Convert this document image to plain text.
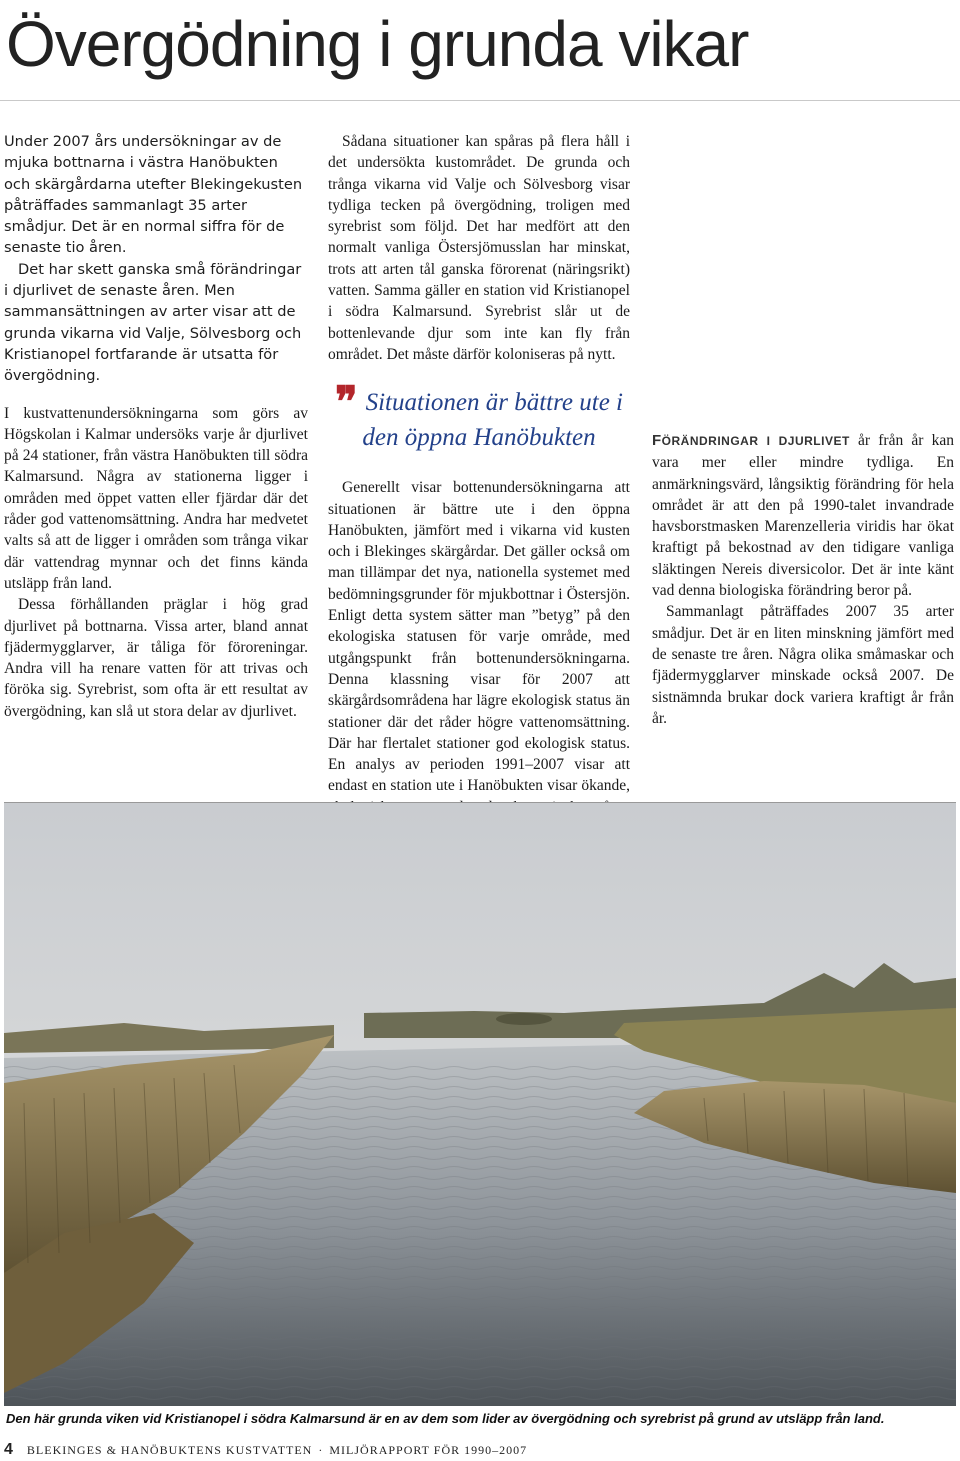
Övergödning i grunda vikar

Under 2007 års undersökningar av de mjuka bottnarna i västra Hanöbukten och skärgårdarna utefter Blekingekusten påträffades sammanlagt 35 arter smådjur. Det är en normal siffra för de senaste tio åren.

Det har skett ganska små förändringar i djurlivet de senaste åren. Men sammansättningen av arter visar att de grunda vikarna vid Valje, Sölvesborg och Kristianopel fortfarande är utsatta för övergödning.

I kustvattenundersökningarna som görs av Högskolan i Kalmar undersöks varje år djurlivet på 24 stationer, från västra Hanöbukten till södra Kalmarsund. Några av stationerna ligger i områden med öppet vatten eller fjärdar där det råder god vattenomsättning. Andra har medvetet valts så att de ligger i områden som trånga vikar där vattendrag mynnar och det finns kända utsläpp från land.

Dessa förhållanden präglar i hög grad djurlivet på bottnarna. Vissa arter, bland annat fjädermygglarver, är tåliga för föroreningar. Andra vill ha renare vatten för att trivas och föröka sig. Syrebrist, som ofta är ett resultat av övergödning, kan slå ut stora delar av djurlivet.

Sådana situationer kan spåras på flera håll i det undersökta kustområdet. De grunda och trånga vikarna vid Valje och Sölvesborg visar tydliga tecken på övergödning, troligen med syrebrist som följd. Det har medfört att den normalt vanliga Östersjömusslan har minskat, trots att arten tål ganska förorenat (näringsrikt) vatten. Samma gäller en station vid Kristianopel i södra Kalmarsund. Syrebrist slår ut de bottenlevande djur som inte kan fly från området. Det måste därför koloniseras på nytt.

❞ Situationen är bättre ute i den öppna Hanöbukten

Generellt visar bottenundersökningarna att situationen är bättre ute i den öppna Hanöbukten, jämfört med i vikarna vid kusten och i Blekinges skärgårdar. Det gäller också om man tillämpar det nya, nationella systemet med bedömningsgrunder för mjukbottnar i Östersjön. Enligt detta system sätter man ”betyg” på den ekologiska statusen för varje område, med utgångspunkt från bottenundersökningarna. Denna klassning visar för 2007 att skärgårdsområdena har lägre ekologisk status än stationer där det råder högre vattenomsättning. Där har flertalet stationer god ekologisk status. En analys av perioden 1991–2007 visar att endast en station ute i Hanöbukten visar ökande,

FÖRÄNDRINGAR I DJURLIVET år från år kan vara mer eller mindre tydliga. En anmärkningsvärd, långsiktig förändring för hela området är att den på 1990-talet invandrade havsborstmasken Marenzelleria viridis har ökat kraftigt på bekostnad av den tidigare vanliga släktingen Nereis diversicolor. Det är inte känt vad denna biologiska förändring beror på.

Sammanlagt påträffades 2007 35 arter smådjur. Det är en liten minskning jämfört med de senaste tre åren. Några olika småmaskar och fjädermygglarver minskade också 2007. De sistnämnda brukar dock variera kraftigt år från år.

Den här grunda viken vid Kristianopel i södra Kalmarsund är en av dem som lider av övergödning och syrebrist på grund av utsläpp från land.
4 BLEKINGES & HANÖBUKTENS KUSTVATTEN · MILJÖRAPPORT FÖR 1990–2007
